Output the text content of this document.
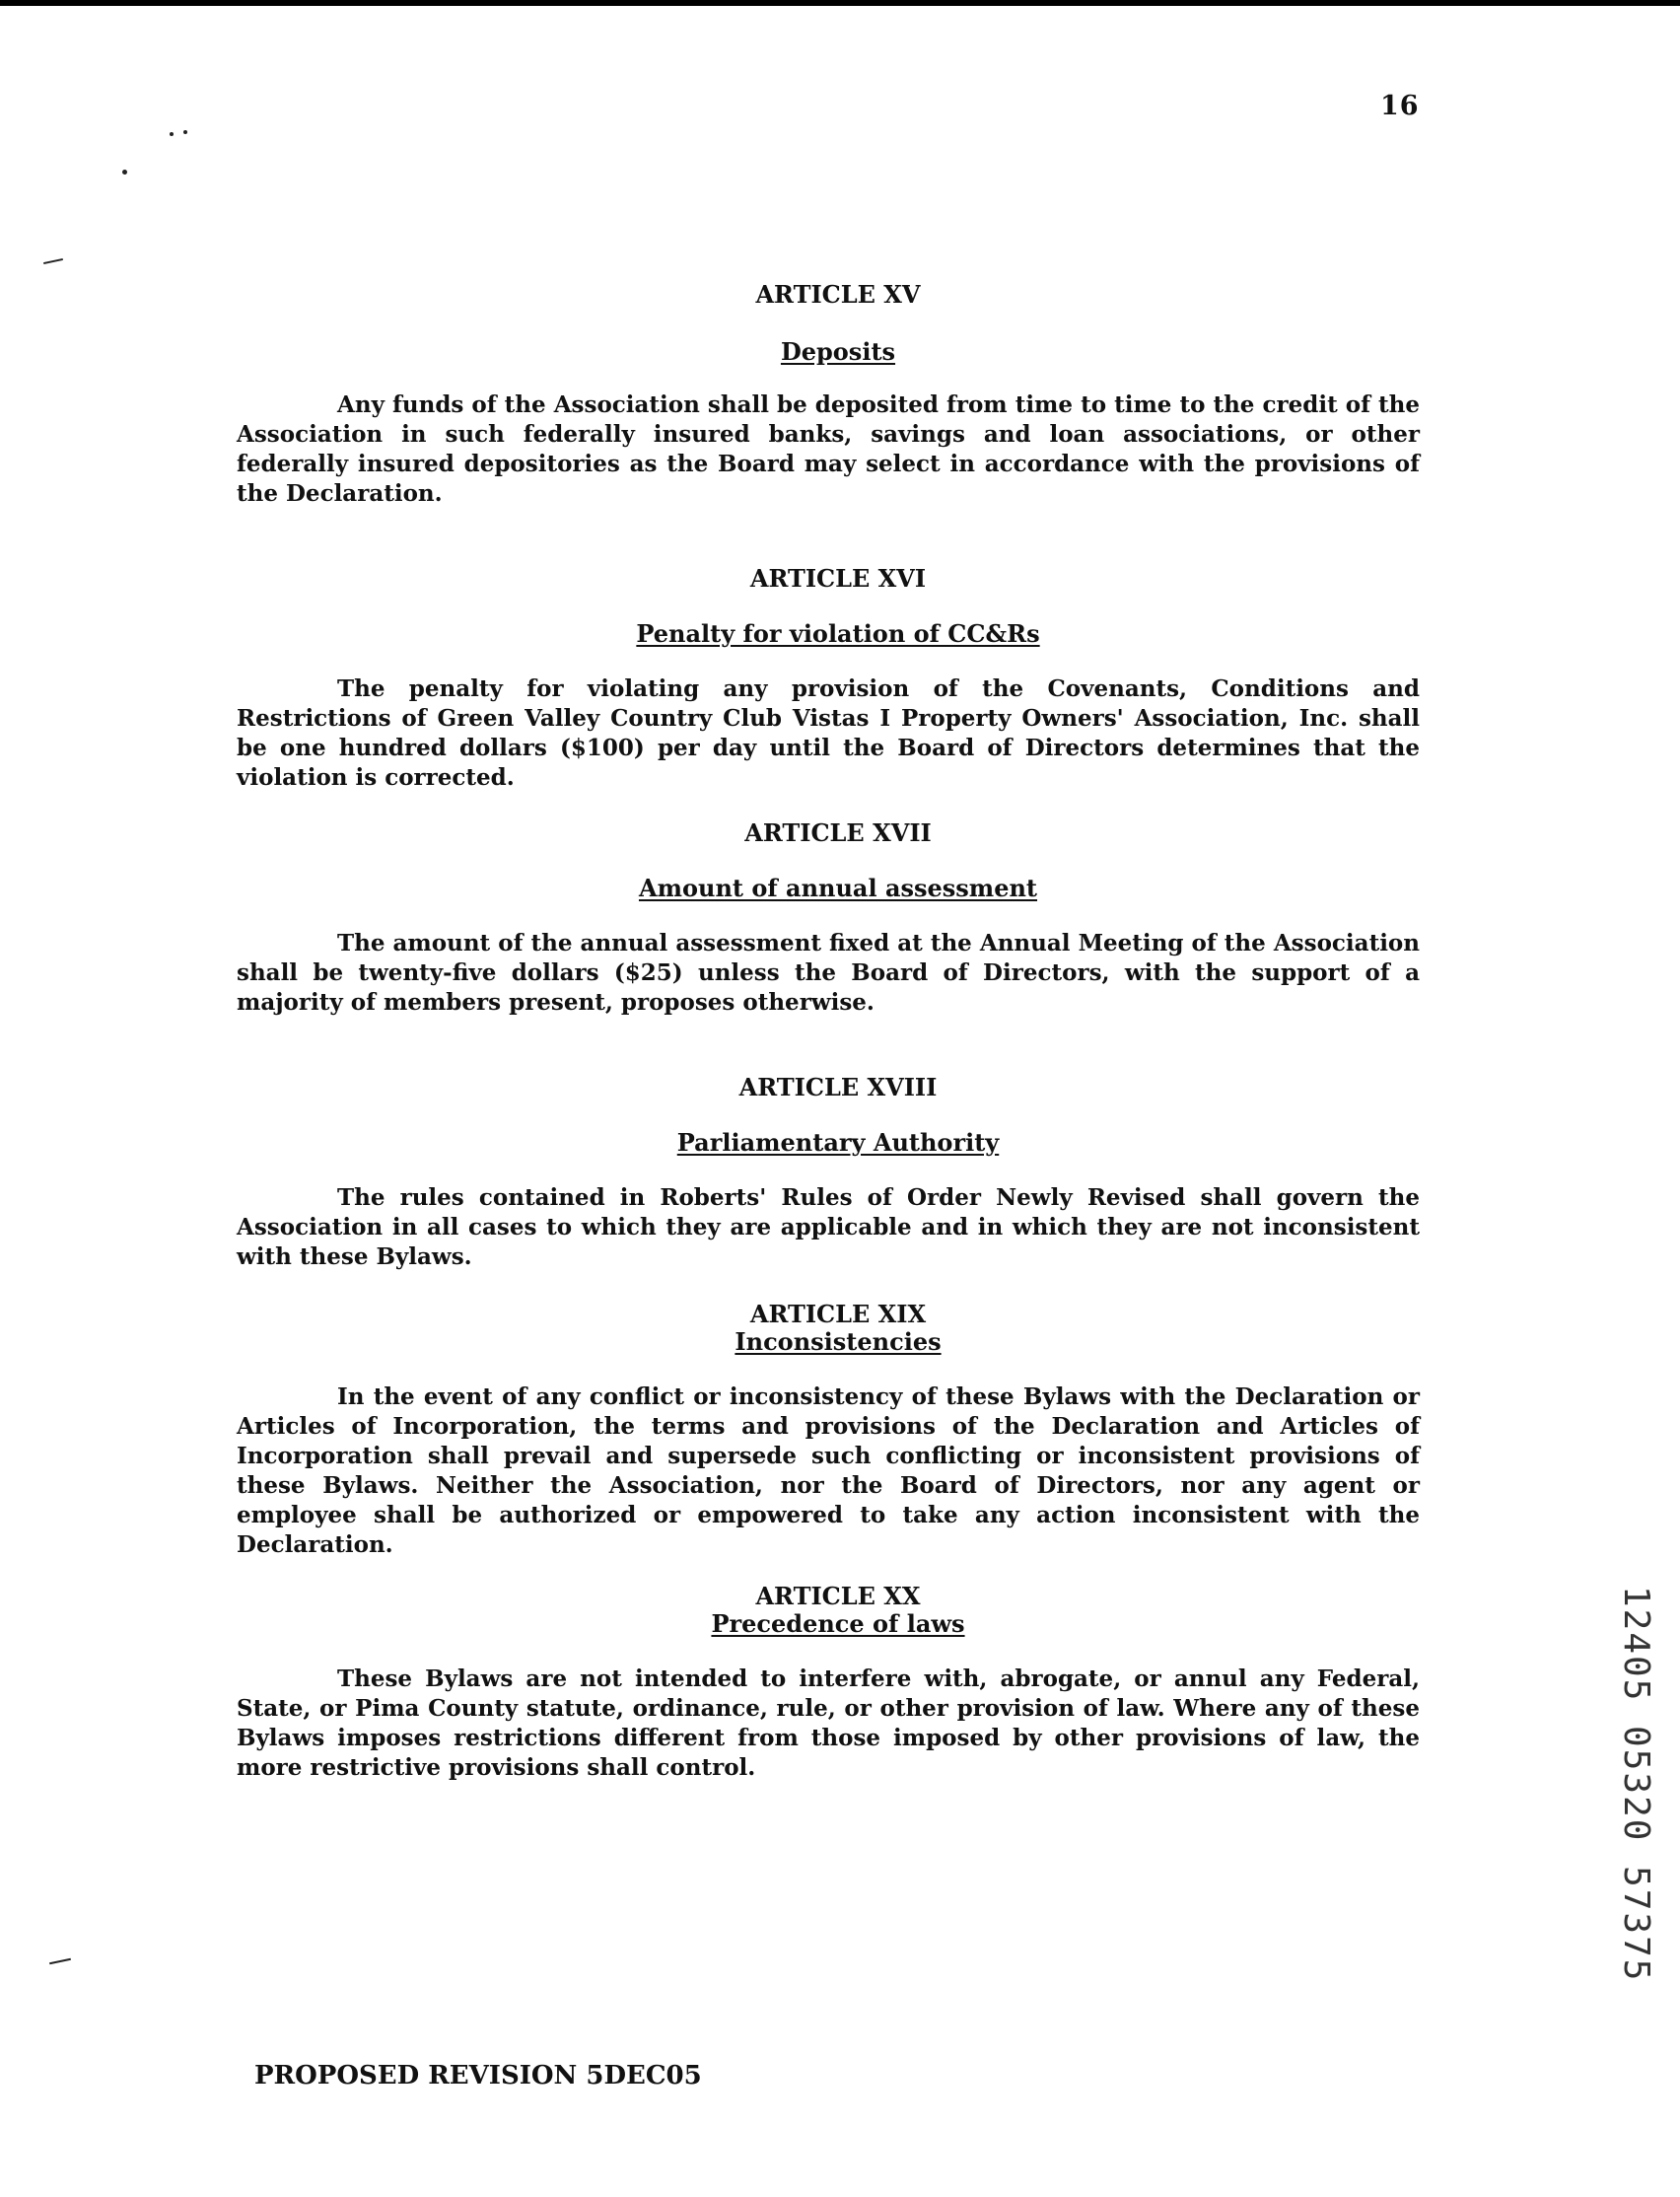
16
ARTICLE XV
Deposits
Any funds of the Association shall be deposited from time to time to the credit of the Association in such federally insured banks, savings and loan associations, or other federally insured depositories as the Board may select in accordance with the provisions of the Declaration.
ARTICLE XVI
Penalty for violation of CC&Rs
The penalty for violating any provision of the Covenants, Conditions and Restrictions of Green Valley Country Club Vistas I Property Owners' Association, Inc. shall be one hundred dollars ($100) per day until the Board of Directors determines that the violation is corrected.
ARTICLE XVII
Amount of annual assessment
The amount of the annual assessment fixed at the Annual Meeting of the Association shall be twenty-five dollars ($25) unless the Board of Directors, with the support of a majority of members present, proposes otherwise.
ARTICLE XVIII
Parliamentary Authority
The rules contained in Roberts' Rules of Order Newly Revised shall govern the Association in all cases to which they are applicable and in which they are not inconsistent with these Bylaws.
ARTICLE XIX
Inconsistencies
In the event of any conflict or inconsistency of these Bylaws with the Declaration or Articles of Incorporation, the terms and provisions of the Declaration and Articles of Incorporation shall prevail and supersede such conflicting or inconsistent provisions of these Bylaws. Neither the Association, nor the Board of Directors, nor any agent or employee shall be authorized or empowered to take any action inconsistent with the Declaration.
ARTICLE XX
Precedence of laws
These Bylaws are not intended to interfere with, abrogate, or annul any Federal, State, or Pima County statute, ordinance, rule, or other provision of law. Where any of these Bylaws imposes restrictions different from those imposed by other provisions of law, the more restrictive provisions shall control.	12405 05320 57375
PROPOSED REVISION 5DEC05
